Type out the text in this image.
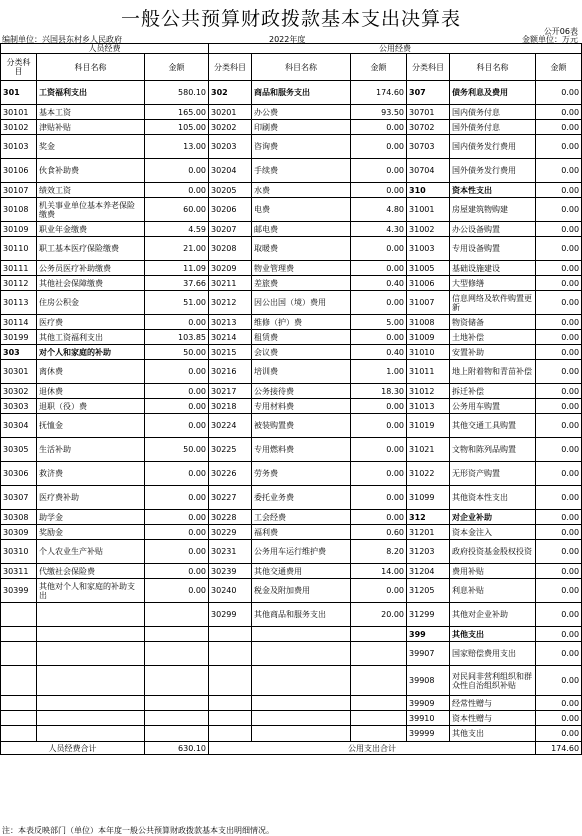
一般公共预算财政拨款基本支出决算表
公开06表
编制单位：兴国县东村乡人民政府	2022年度	金额单位：万元
人员经费			公用经费					
分类科目	科目名称	金额	分类科目	科目名称	金额	分类科目	科目名称	金额
301	工资福利支出	580.10	302	商品和服务支出	174.60	307	债务利息及费用	0.00
30101	基本工资	165.00	30201	办公费	93.50	30701	国内债务付息	0.00
30102	津贴补贴	105.00	30202	印刷费	0.00	30702	国外债务付息	0.00
30103	奖金	13.00	30203	咨询费	0.00	30703	国内债务发行费用	0.00
30106	伙食补助费	0.00	30204	手续费	0.00	30704	国外债务发行费用	0.00
30107	绩效工资	0.00	30205	水费	0.00	310	资本性支出	0.00
30108	机关事业单位基本养老保险缴费	60.00	30206	电费	4.80	31001	房屋建筑物购建	0.00
30109	职业年金缴费	4.59	30207	邮电费	4.30	31002	办公设备购置	0.00
30110	职工基本医疗保险缴费	21.00	30208	取暖费	0.00	31003	专用设备购置	0.00
30111	公务员医疗补助缴费	11.09	30209	物业管理费	0.00	31005	基础设施建设	0.00
30112	其他社会保障缴费	37.66	30211	差旅费	0.40	31006	大型修缮	0.00
30113	住房公积金	51.00	30212	因公出国（境）费用	0.00	31007	信息网络及软件购置更新	0.00
30114	医疗费	0.00	30213	维修（护）费	5.00	31008	物资储备	0.00
30199	其他工资福利支出	103.85	30214	租赁费	0.00	31009	土地补偿	0.00
303	对个人和家庭的补助	50.00	30215	会议费	0.40	31010	安置补助	0.00
30301	离休费	0.00	30216	培训费	1.00	31011	地上附着物和青苗补偿	0.00
30302	退休费	0.00	30217	公务接待费	18.30	31012	拆迁补偿	0.00
30303	退职（役）费	0.00	30218	专用材料费	0.00	31013	公务用车购置	0.00
30304	抚恤金	0.00	30224	被装购置费	0.00	31019	其他交通工具购置	0.00
30305	生活补助	50.00	30225	专用燃料费	0.00	31021	文物和陈列品购置	0.00
30306	救济费	0.00	30226	劳务费	0.00	31022	无形资产购置	0.00
30307	医疗费补助	0.00	30227	委托业务费	0.00	31099	其他资本性支出	0.00
30308	助学金	0.00	30228	工会经费	0.00	312	对企业补助	0.00
30309	奖励金	0.00	30229	福利费	0.60	31201	资本金注入	0.00
30310	个人农业生产补贴	0.00	30231	公务用车运行维护费	8.20	31203	政府投资基金股权投资	0.00
30311	代缴社会保险费	0.00	30239	其他交通费用	14.00	31204	费用补贴	0.00
30399	其他对个人和家庭的补助支出	0.00	30240	税金及附加费用	0.00	31205	利息补贴	0.00
			30299	其他商品和服务支出	20.00	31299	其他对企业补助	0.00
						399	其他支出	0.00
						39907	国家赔偿费用支出	0.00
						39908	对民间非营利组织和群众性自治组织补贴	0.00
						39909	经常性赠与	0.00
						39910	资本性赠与	0.00
						39999	其他支出	0.00
人员经费合计		630.10	公用支出合计					174.60
注：本表反映部门（单位）本年度一般公共预算财政拨款基本支出明细情况。
